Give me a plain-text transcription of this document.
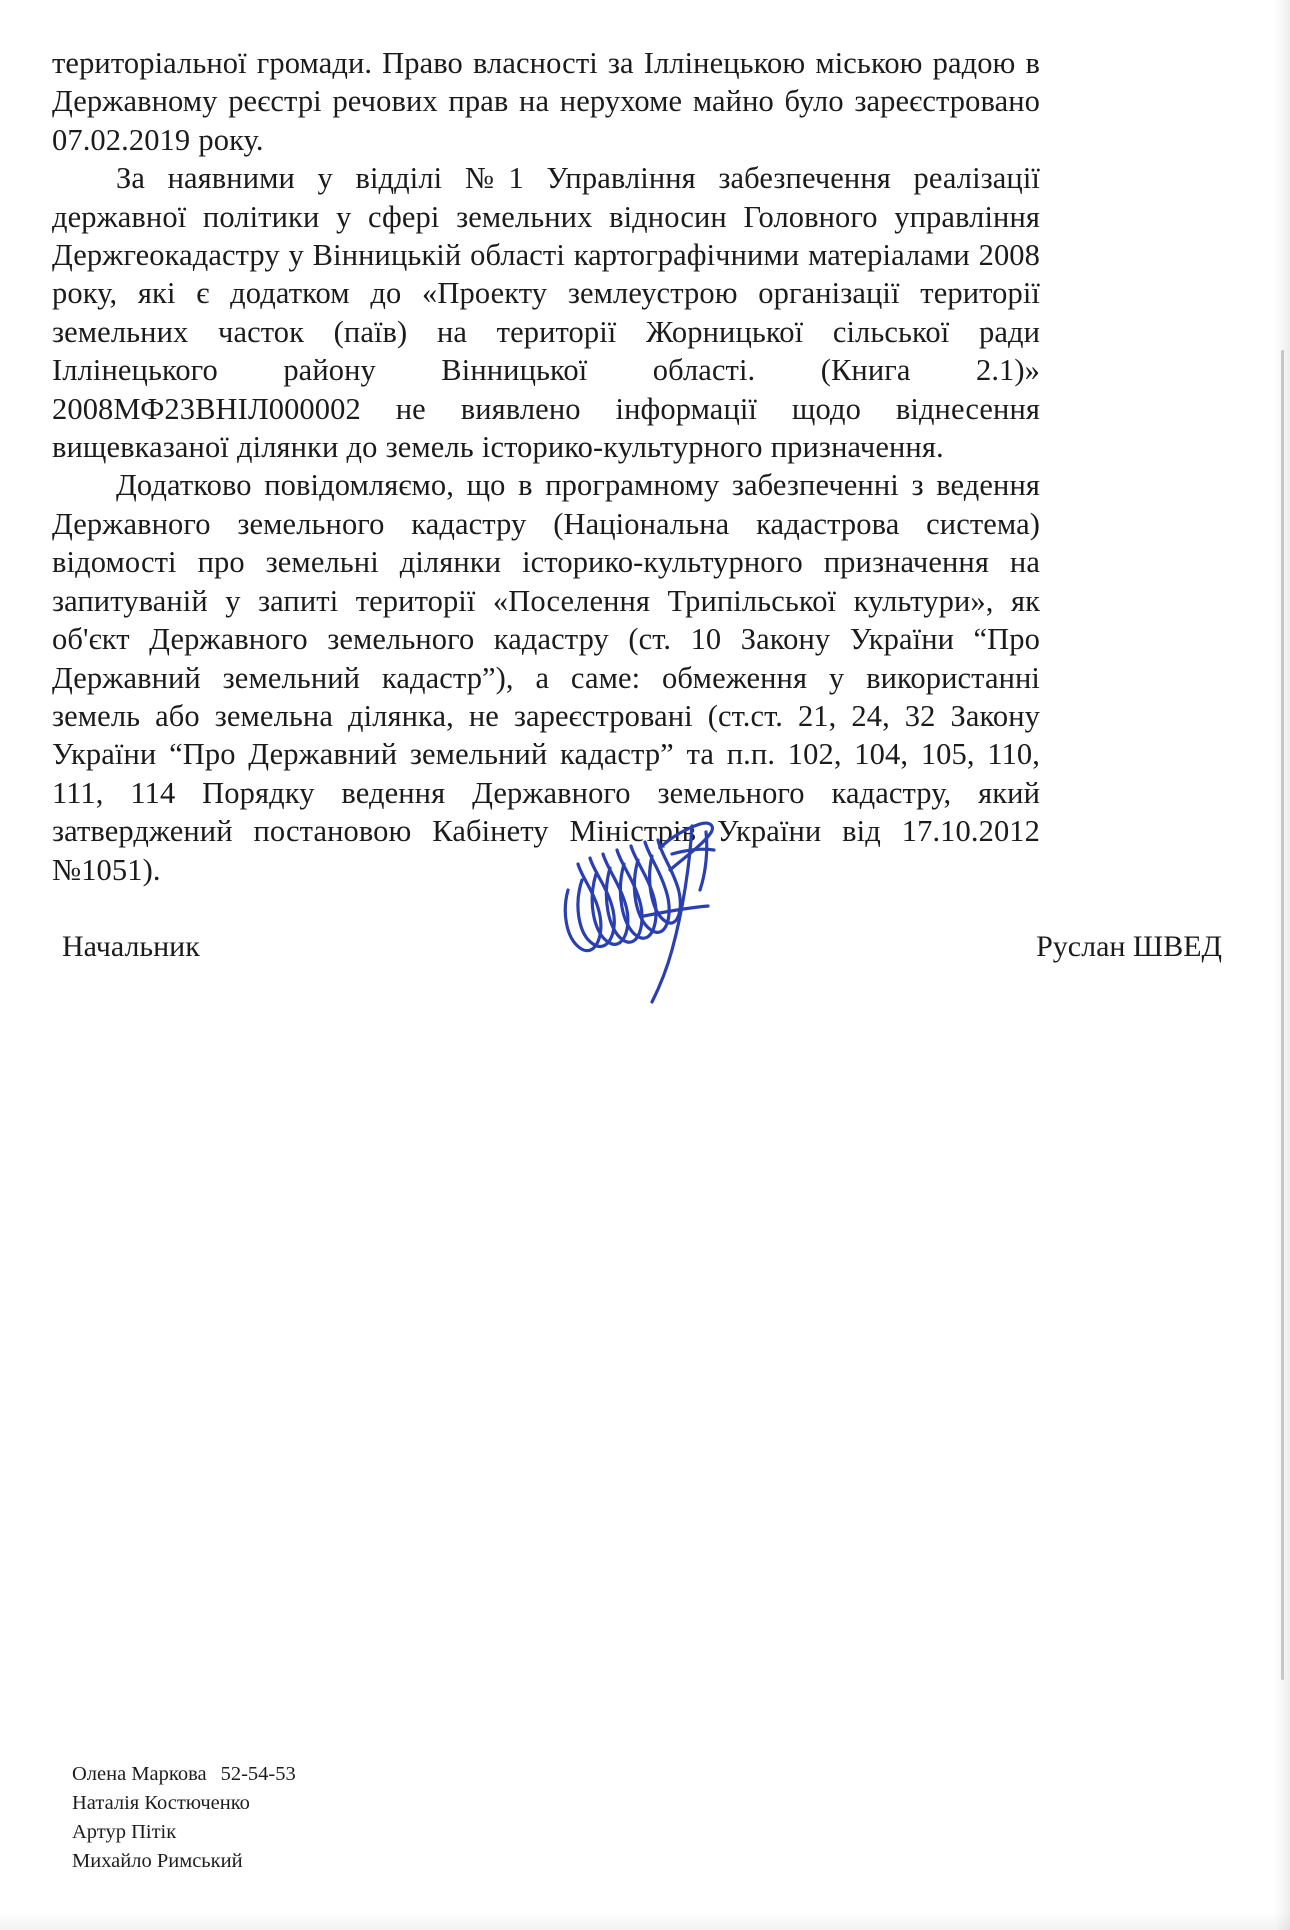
територіальної громади. Право власності за Іллінецькою міською радою в Державному реєстрі речових прав на нерухоме майно було зареєстровано 07.02.2019 року.

За наявними у відділі №1 Управління забезпечення реалізації державної політики у сфері земельних відносин Головного управління Держгеокадастру у Вінницькій області картографічними матеріалами 2008 року, які є додатком до «Проекту землеустрою організації території земельних часток (паїв) на території Жорницької сільської ради Іллінецького району Вінницької області. (Книга 2.1)» 2008МФ23ВНІЛ000002 не виявлено інформації щодо віднесення вищевказаної ділянки до земель історико-культурного призначення.

Додатково повідомляємо, що в програмному забезпеченні з ведення Державного земельного кадастру (Національна кадастрова система) відомості про земельні ділянки історико-культурного призначення на запитуваній у запиті території «Поселення Трипільської культури», як об'єкт Державного земельного кадастру (ст. 10 Закону України “Про Державний земельний кадастр”), а саме: обмеження у використанні земель або земельна ділянка, не зареєстровані (ст.ст. 21, 24, 32 Закону України “Про Державний земельний кадастр” та п.п. 102, 104, 105, 110, 111, 114 Порядку ведення Державного земельного кадастру, який затверджений постановою Кабінету Міністрів України від 17.10.2012 №1051).

Начальник	Руслан ШВЕД
Олена Маркова 52-54-53
Наталія Костюченко
Артур Пітік
Михайло Римський
